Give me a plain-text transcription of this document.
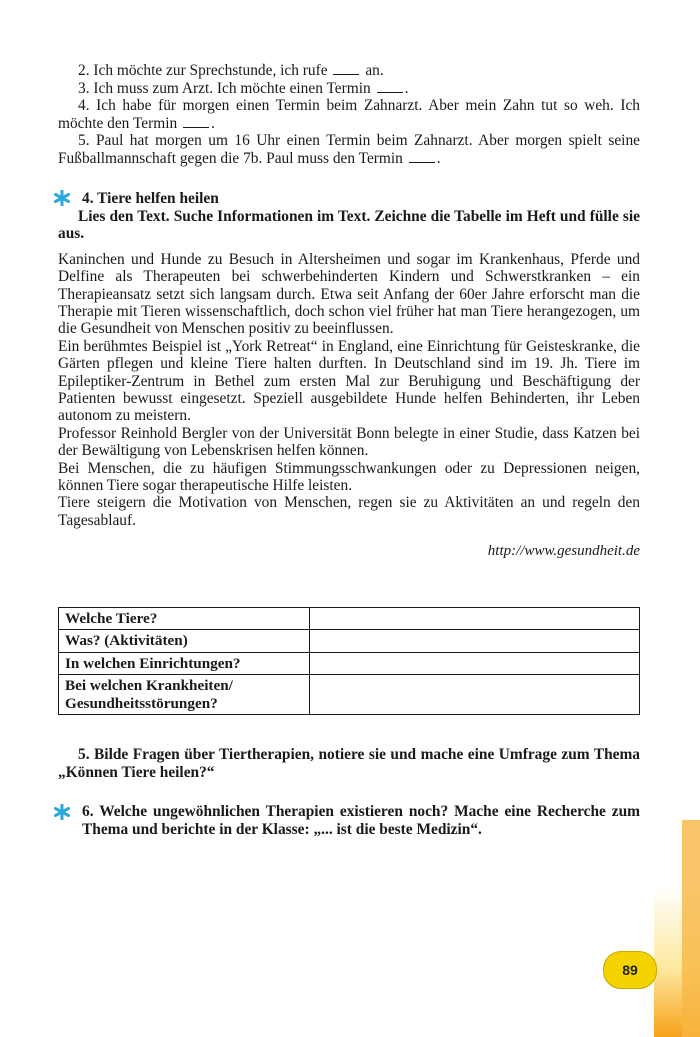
2. Ich möchte zur Sprechstunde, ich rufe an.

3. Ich muss zum Arzt. Ich möchte einen Termin .

4. Ich habe für morgen einen Termin beim Zahnarzt. Aber mein Zahn tut so weh. Ich möchte den Termin .

5. Paul hat morgen um 16 Uhr einen Termin beim Zahnarzt. Aber morgen spielt seine Fußballmannschaft gegen die 7b. Paul muss den Termin .

4. Tiere helfen heilen

Lies den Text. Suche Informationen im Text. Zeichne die Tabelle im Heft und fülle sie aus.

Kaninchen und Hunde zu Besuch in Altersheimen und sogar im Krankenhaus, Pferde und Delfine als Therapeuten bei schwerbehinderten Kindern und Schwerstkranken – ein Therapieansatz setzt sich langsam durch. Etwa seit Anfang der 60er Jahre erforscht man die Therapie mit Tieren wissenschaftlich, doch schon viel früher hat man Tiere herangezogen, um die Gesundheit von Menschen positiv zu beeinflussen.

Ein berühmtes Beispiel ist „York Retreat“ in England, eine Einrichtung für Geisteskranke, die Gärten pflegen und kleine Tiere halten durften. In Deutschland sind im 19. Jh. Tiere im Epileptiker-Zentrum in Bethel zum ersten Mal zur Beruhigung und Beschäftigung der Patienten bewusst eingesetzt. Speziell ausgebildete Hunde helfen Behinderten, ihr Leben autonom zu meistern.

Professor Reinhold Bergler von der Universität Bonn belegte in einer Studie, dass Katzen bei der Bewältigung von Lebenskrisen helfen können.

Bei Menschen, die zu häufigen Stimmungsschwankungen oder zu Depressionen neigen, können Tiere sogar therapeutische Hilfe leisten.

Tiere steigern die Motivation von Menschen, regen sie zu Aktivitäten an und regeln den Tagesablauf.

http://www.gesundheit.de

Welche Tiere?	
Was? (Aktivitäten)	
In welchen Einrichtungen?	
Bei welchen Krankheiten/ Gesundheitsstörungen?	

5. Bilde Fragen über Tiertherapien, notiere sie und mache eine Umfrage zum Thema „Können Tiere heilen?“

6. Welche ungewöhnlichen Therapien existieren noch? Mache eine Recherche zum Thema und berichte in der Klasse: „... ist die beste Medizin“.

89
